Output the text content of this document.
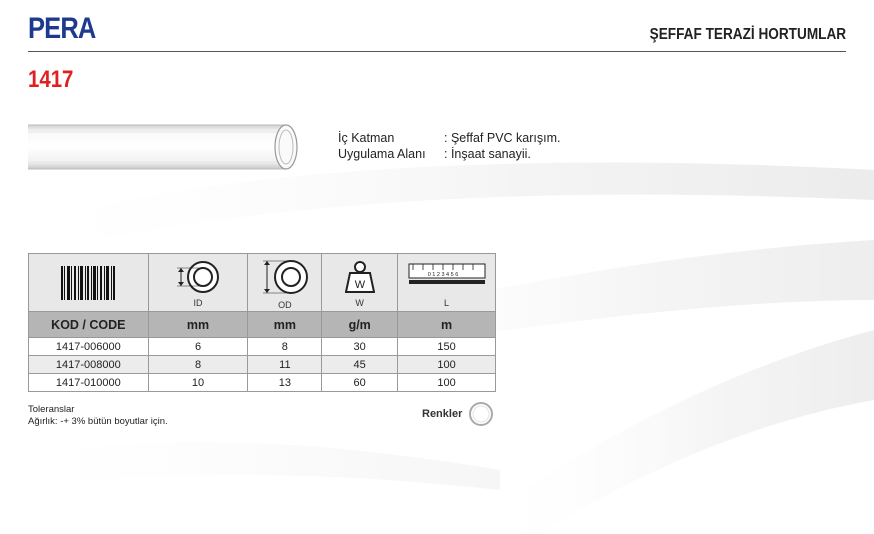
PERA	ŞEFFAF TERAZİ HORTUMLAR
1417
İç Katman	: Şeffaf PVC karışım.
Uygulama Alanı	: İnşaat sanayii.

ID	OD	W
W	0 1 2 3 4 5 6
L

KOD / CODE	mm	mm	g/m	m
1417-006000	6	8	30	150
1417-008000	8	11	45	100
1417-010000	10	13	60	100
Toleranslar
Ağırlık: -+ 3% bütün boyutlar için.
Renkler
